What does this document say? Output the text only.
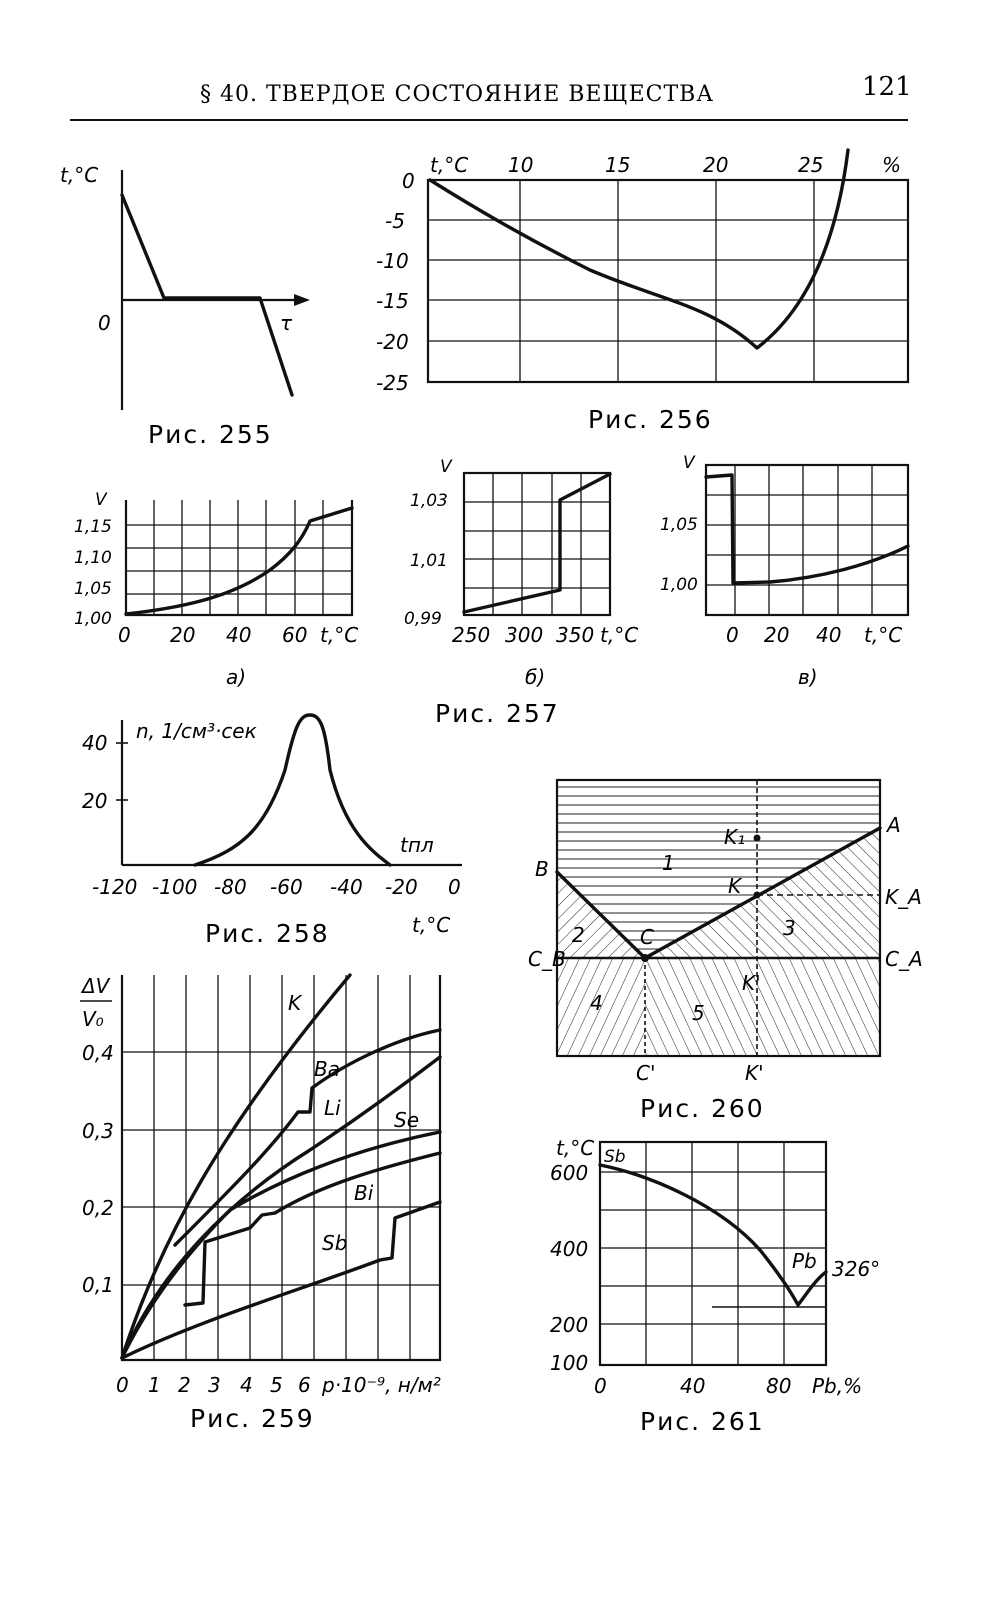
§ 40. ТВЕРДОЕ СОСТОЯНИЕ ВЕЩЕСТВА	121
t,°C
τ
0
Рис. 255
t,°C 10	15	20	25	%
0
-5
-10
-15
-20
-25
Рис. 256
V
1,15
1,10
1,05
1,00
0 20 40 60 t,°C
а)
V
1,03
1,01
0,99
250 300 350 t,°C
б)
V
1,05
1,00
0 20 40 t,°C
в)
Рис. 257
n, 1/см³·сек
40
20
tпл
-120 -100 -80 -60 -40 -20 0
t,°C
Рис. 258
ΔV
V₀
0,4
0,3
0,2
0,1
K
Ba
Li	Se
Bi
Sb
0 1 2 3 4 5 6 p·10⁻⁹, н/м²
Рис. 259
A
B
C
C_B	C_A
K_A
K
K₁
K'
C'	K'
1
2	3
4	5
Рис. 260
t,°C Sb
Pb 326°
600
400
200
100
0	40	80 Pb,%
Рис. 261
